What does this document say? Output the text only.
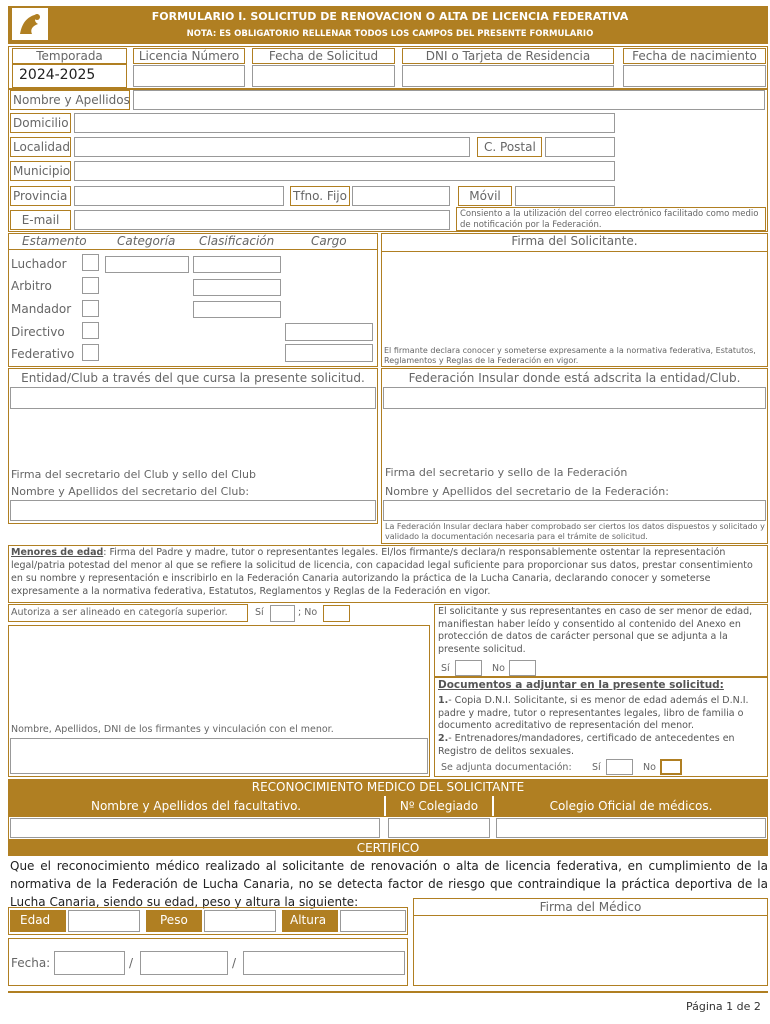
FORMULARIO I. SOLICITUD DE RENOVACION O ALTA DE LICENCIA FEDERATIVA
NOTA: ES OBLIGATORIO RELLENAR TODOS LOS CAMPOS DEL PRESENTE FORMULARIO
Temporada
2024-2025
Licencia Número	Fecha de Solicitud	DNI o Tarjeta de Residencia	Fecha de nacimiento
Nombre y Apellidos
Domicilio
Localidad	C. Postal
Municipio
Provincia	Tfno. Fijo	Móvil
E-mail	Consiento a la utilización del correo electrónico facilitado como medio de notificación por la Federación.
Estamento	Categoría Clasificación	Cargo
Luchador
Arbitro
Mandador
Directivo
Federativo
Firma del Solicitante.
El firmante declara conocer y someterse expresamente a la normativa federativa, Estatutos, Reglamentos y Reglas de la Federación en vigor.
Entidad/Club a través del que cursa la presente solicitud.
Firma del secretario del Club y sello del Club
Nombre y Apellidos del secretario del Club:
Federación Insular donde está adscrita la entidad/Club.
Firma del secretario y sello de la Federación
Nombre y Apellidos del secretario de la Federación:
La Federación Insular declara haber comprobado ser ciertos los datos dispuestos y solicitado y validado la documentación necesaria para el trámite de solicitud.
Menores de edad: Firma del Padre y madre, tutor o representantes legales. El/los firmante/s declara/n responsablemente ostentar la representación legal/patria potestad del menor al que se refiere la solicitud de licencia, con capacidad legal suficiente para proporcionar sus datos, prestar consentimiento en su nombre y representación e inscribirlo en la Federación Canaria autorizando la práctica de la Lucha Canaria, declarando conocer y someterse expresamente a la normativa federativa, Estatutos, Reglamentos y Reglas de la Federación en vigor.
Autoriza a ser alineado en categoría superior.	Sí	; No
Nombre, Apellidos, DNI de los firmantes y vinculación con el menor.
El solicitante y sus representantes en caso de ser menor de edad, manifiestan haber leído y consentido al contenido del Anexo en protección de datos de carácter personal que se adjunta a la presente solicitud.
Sí	No
Documentos a adjuntar en la presente solicitud:
1.- Copia D.N.I. Solicitante, si es menor de edad además el D.N.I. padre y madre, tutor o representantes legales, libro de familia o documento acreditativo de representación del menor.
2.- Entrenadores/mandadores, certificado de antecedentes en Registro de delitos sexuales.
Se adjunta documentación: Sí	No
RECONOCIMIENTO MEDICO DEL SOLICITANTE
Nombre y Apellidos del facultativo.	Nº Colegiado	Colegio Oficial de médicos.
CERTIFICO
Que el reconocimiento médico realizado al solicitante de renovación o alta de licencia federativa, en cumplimiento de la normativa de la Federación de Lucha Canaria, no se detecta factor de riesgo que contraindique la práctica deportiva de la Lucha Canaria, siendo su edad, peso y altura la siguiente:
Edad	Peso	Altura
Fecha:	/	/
Firma del Médico
Página 1 de 2
